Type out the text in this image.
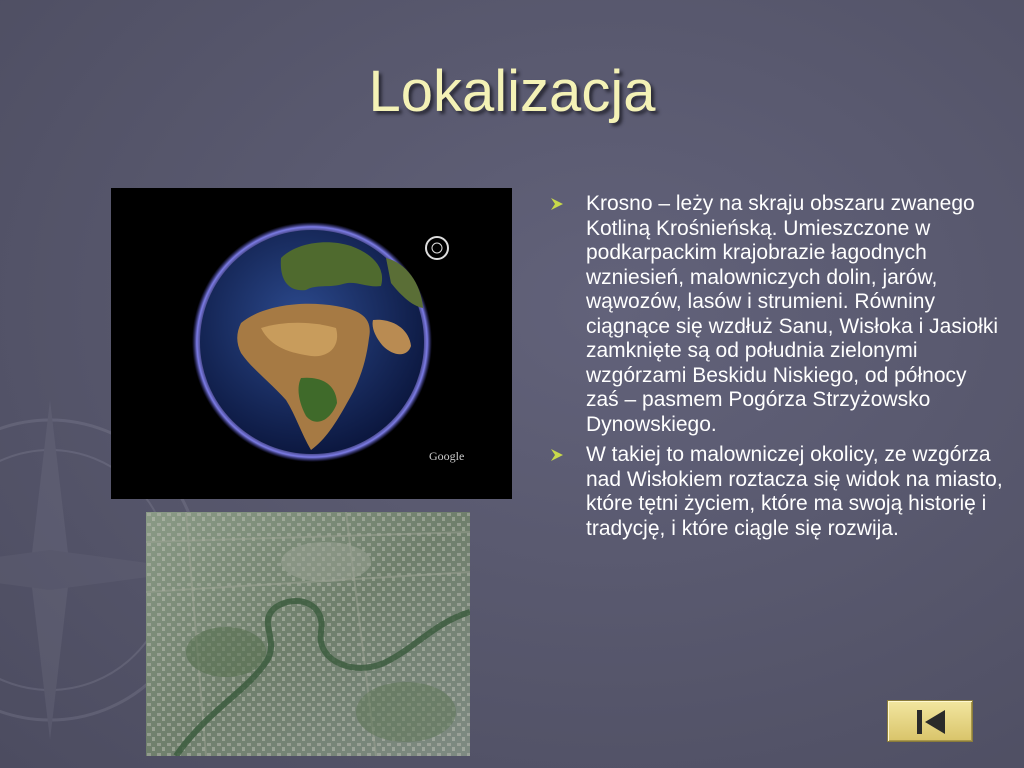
Lokalizacja
Google
Krosno – leży na skraju obszaru zwanego Kotliną Krośnieńską. Umieszczone w podkarpackim krajobrazie łagodnych wzniesień, malowniczych dolin, jarów, wąwozów, lasów i strumieni. Równiny ciągnące się wzdłuż Sanu, Wisłoka i Jasiołki zamknięte są od południa zielonymi wzgórzami Beskidu Niskiego, od północy zaś – pasmem Pogórza Strzyżowsko Dynowskiego.
W takiej to malowniczej okolicy, ze wzgórza nad Wisłokiem roztacza się widok na miasto, które tętni życiem, które ma swoją historię i tradycję, i które ciągle się rozwija.
